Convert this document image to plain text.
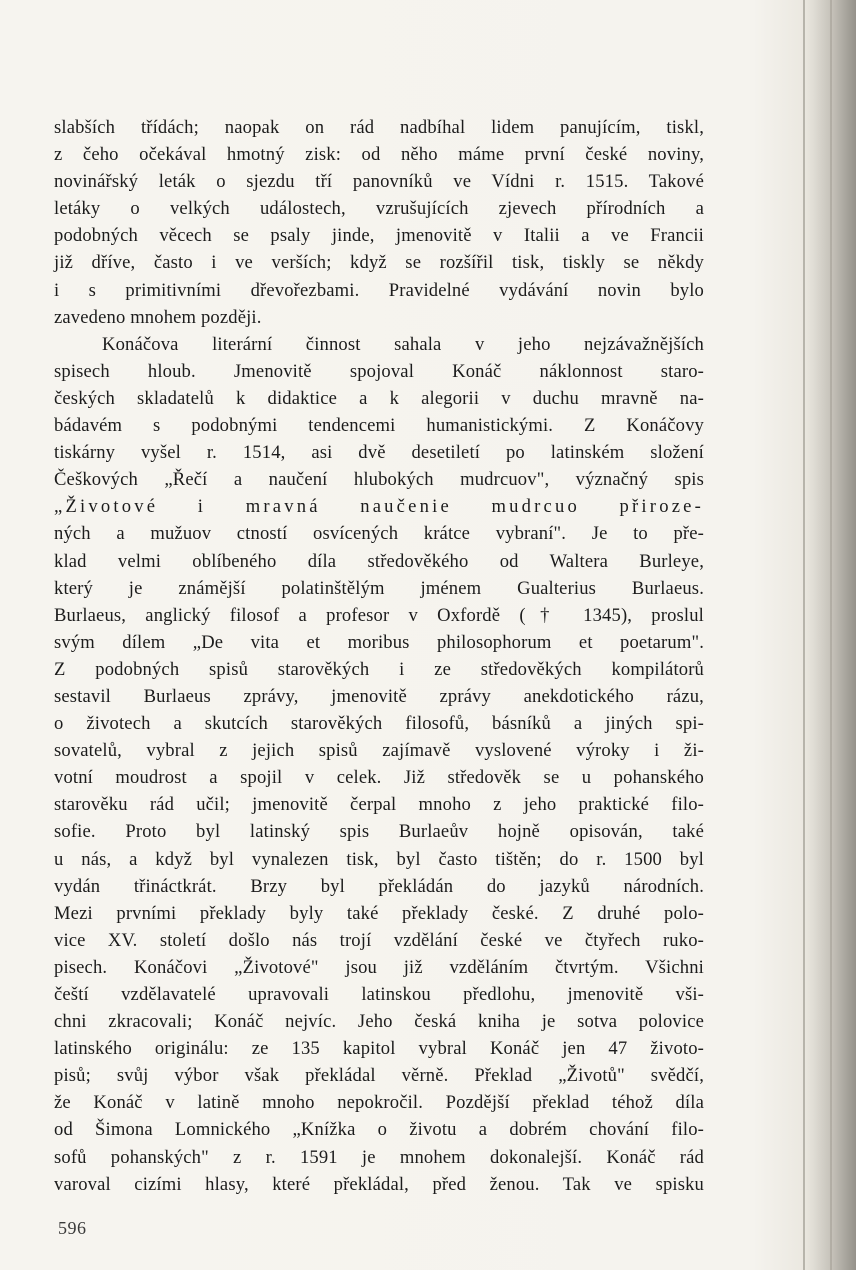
slabších třídách; naopak on rád nadbíhal lidem panujícím, tiskl,
z čeho očekával hmotný zisk: od něho máme první české noviny,
novinářský leták o sjezdu tří panovníků ve Vídni r. 1515. Takové
letáky o velkých událostech, vzrušujících zjevech přírodních a
podobných věcech se psaly jinde, jmenovitě v Italii a ve Francii
již dříve, často i ve verších; když se rozšířil tisk, tiskly se někdy
i s primitivními dřevořezbami. Pravidelné vydávání novin bylo
zavedeno mnohem později.
Konáčova literární činnost sahala v jeho nejzávažnějších
spisech hloub. Jmenovitě spojoval Konáč náklonnost staro-
českých skladatelů k didaktice a k alegorii v duchu mravně na-
bádavém s podobnými tendencemi humanistickými. Z Konáčovy
tiskárny vyšel r. 1514, asi dvě desetiletí po latinském složení
Češkových „Řečí a naučení hlubokých mudrcuov", význačný spis
„Životové i mravná naučenie mudrcuo přiroze-
ných a mužuov ctností osvícených krátce vybraní". Je to pře-
klad velmi oblíbeného díla středověkého od Waltera Burleye,
který je známější polatinštělým jménem Gualterius Burlaeus.
Burlaeus, anglický filosof a profesor v Oxfordě († 1345), proslul
svým dílem „De vita et moribus philosophorum et poetarum".
Z podobných spisů starověkých i ze středověkých kompilátorů
sestavil Burlaeus zprávy, jmenovitě zprávy anekdotického rázu,
o životech a skutcích starověkých filosofů, básníků a jiných spi-
sovatelů, vybral z jejich spisů zajímavě vyslovené výroky i ži-
votní moudrost a spojil v celek. Již středověk se u pohanského
starověku rád učil; jmenovitě čerpal mnoho z jeho praktické filo-
sofie. Proto byl latinský spis Burlaeův hojně opisován, také
u nás, a když byl vynalezen tisk, byl často tištěn; do r. 1500 byl
vydán třináctkrát. Brzy byl překládán do jazyků národních.
Mezi prvními překlady byly také překlady české. Z druhé polo-
vice XV. století došlo nás trojí vzdělání české ve čtyřech ruko-
pisech. Konáčovi „Životové" jsou již vzděláním čtvrtým. Všichni
čeští vzdělavatelé upravovali latinskou předlohu, jmenovitě vši-
chni zkracovali; Konáč nejvíc. Jeho česká kniha je sotva polovice
latinského originálu: ze 135 kapitol vybral Konáč jen 47 životo-
pisů; svůj výbor však překládal věrně. Překlad „Životů" svědčí,
že Konáč v latině mnoho nepokročil. Pozdější překlad téhož díla
od Šimona Lomnického „Knížka o životu a dobrém chování filo-
sofů pohanských" z r. 1591 je mnohem dokonalejší. Konáč rád
varoval cizími hlasy, které překládal, před ženou. Tak ve spisku
596
